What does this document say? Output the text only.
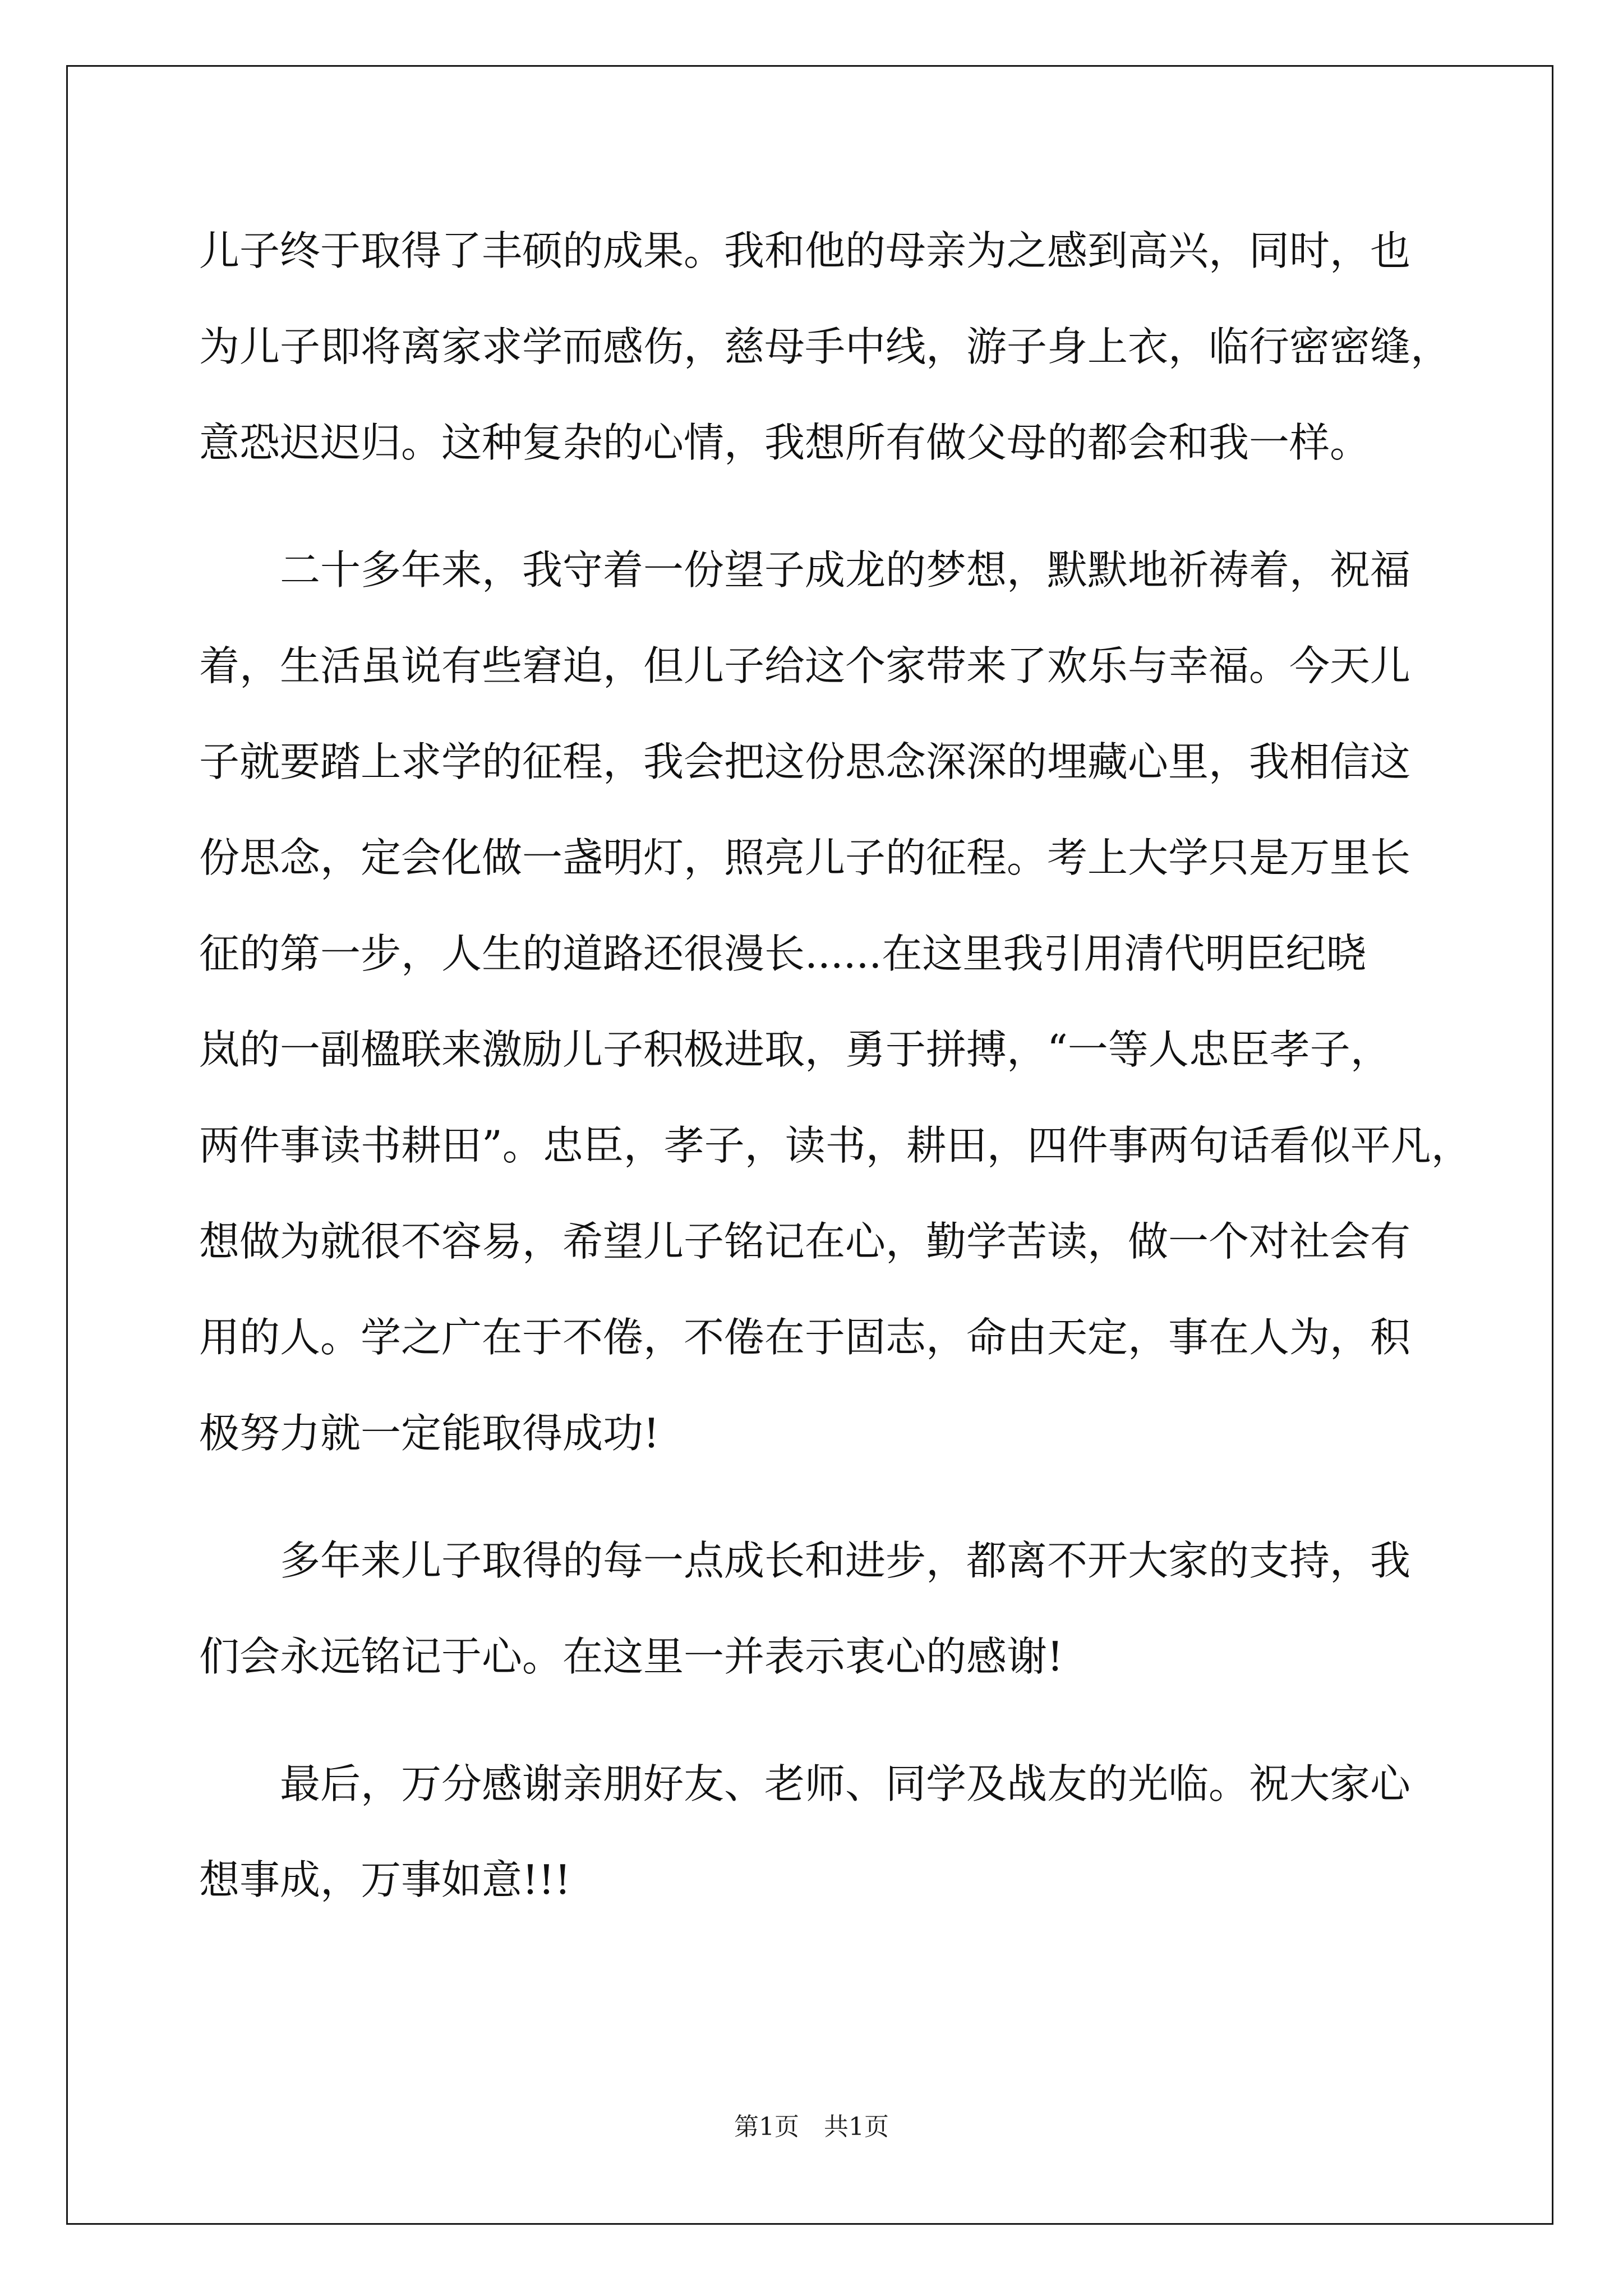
儿子终于取得了丰硕的成果。我和他的母亲为之感到高兴，同时，也
为儿子即将离家求学而感伤，慈母手中线，游子身上衣，临行密密缝，
意恐迟迟归。这种复杂的心情，我想所有做父母的都会和我一样。
　　二十多年来，我守着一份望子成龙的梦想，默默地祈祷着，祝福
着，生活虽说有些窘迫，但儿子给这个家带来了欢乐与幸福。今天儿
子就要踏上求学的征程，我会把这份思念深深的埋藏心里，我相信这
份思念，定会化做一盏明灯，照亮儿子的征程。考上大学只是万里长
征的第一步，人生的道路还很漫长......在这里我引用清代明臣纪晓
岚的一副楹联来激励儿子积极进取，勇于拼搏，“一等人忠臣孝子，
两件事读书耕田”。忠臣，孝子，读书，耕田，四件事两句话看似平凡，
想做为就很不容易，希望儿子铭记在心，勤学苦读，做一个对社会有
用的人。学之广在于不倦，不倦在于固志，命由天定，事在人为，积
极努力就一定能取得成功!
　　多年来儿子取得的每一点成长和进步，都离不开大家的支持，我
们会永远铭记于心。在这里一并表示衷心的感谢!
　　最后，万分感谢亲朋好友、老师、同学及战友的光临。祝大家心
想事成，万事如意!!!
第1页　共1页
